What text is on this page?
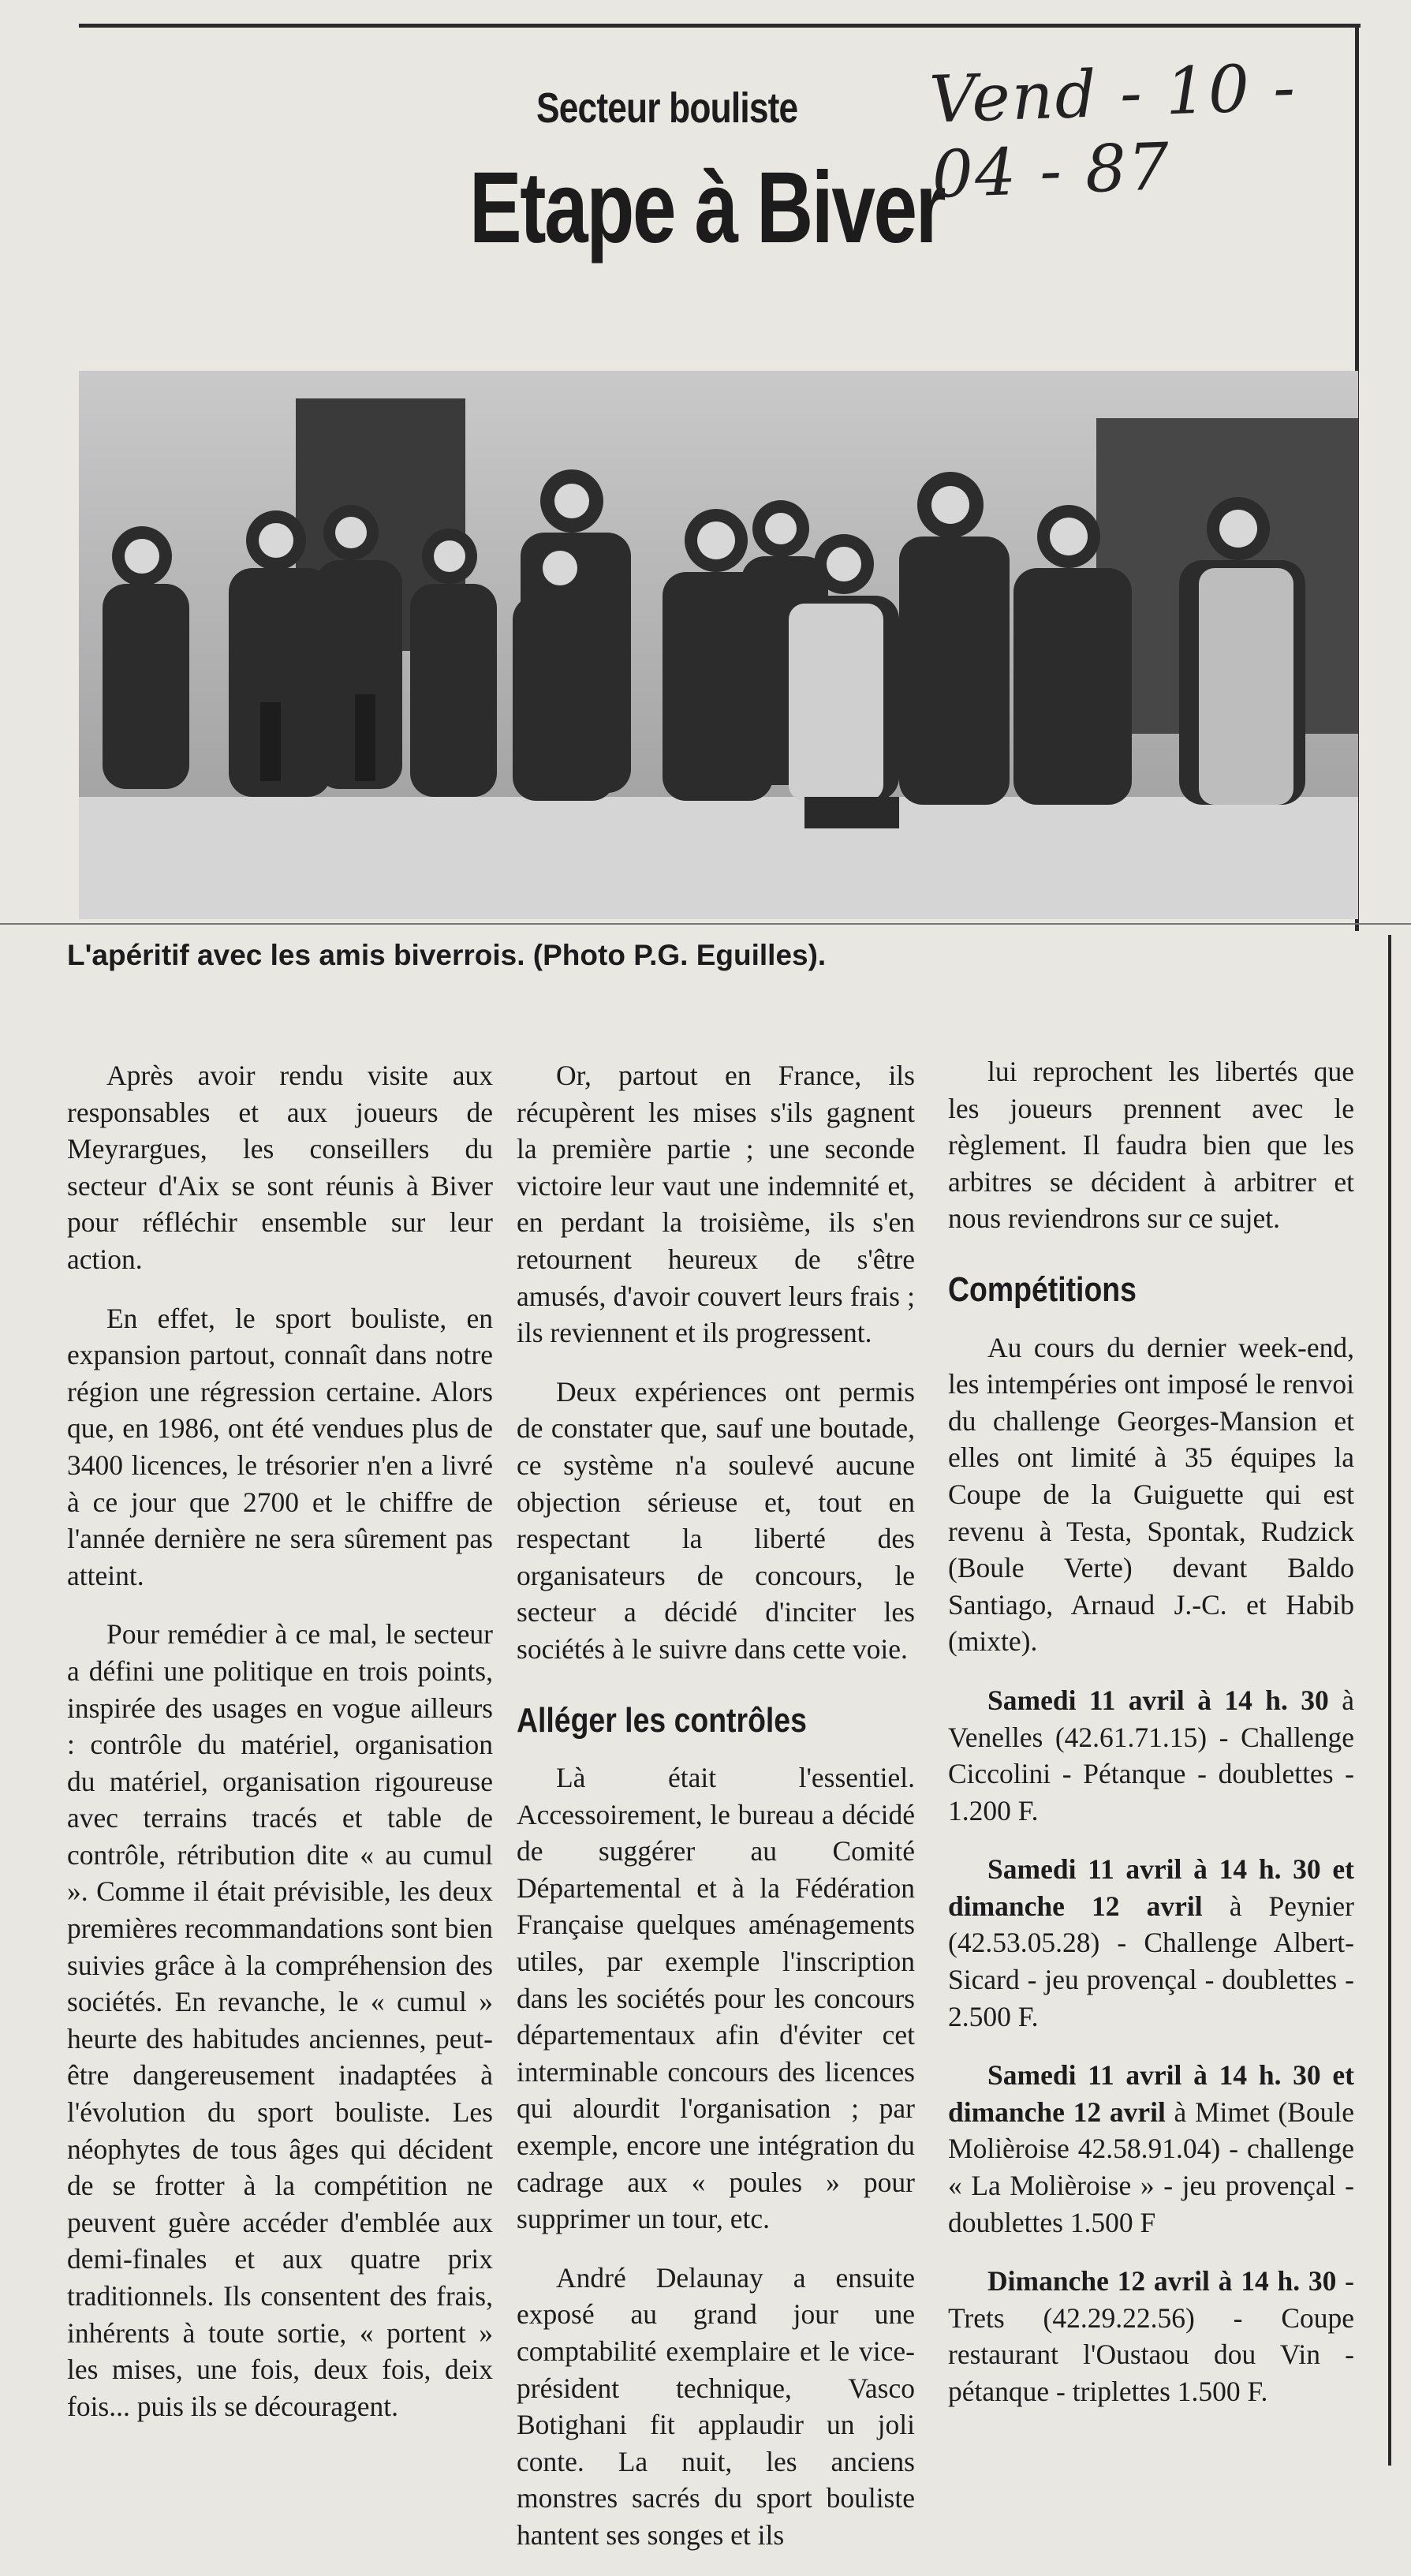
Secteur bouliste
Etape à Biver
Vend - 10 - 04 - 87
L'apéritif avec les amis biverrois. (Photo P.G. Eguilles).

Après avoir rendu visite aux responsables et aux joueurs de Meyrargues, les conseillers du secteur d'Aix se sont réunis à Biver pour réfléchir ensemble sur leur action.

En effet, le sport bouliste, en expansion partout, connaît dans notre région une régression certaine. Alors que, en 1986, ont été vendues plus de 3400 licences, le trésorier n'en a livré à ce jour que 2700 et le chiffre de l'année dernière ne sera sûrement pas atteint.

Pour remédier à ce mal, le secteur a défini une politique en trois points, inspirée des usages en vogue ailleurs : contrôle du matériel, organisation du matériel, organisation rigoureuse avec terrains tracés et table de contrôle, rétribution dite « au cumul ». Comme il était prévisible, les deux premières recommandations sont bien suivies grâce à la compréhension des sociétés. En revanche, le « cumul » heurte des habitudes anciennes, peut-être dangereusement inadaptées à l'évolution du sport bouliste. Les néophytes de tous âges qui décident de se frotter à la compétition ne peuvent guère accéder d'emblée aux demi-finales et aux quatre prix traditionnels. Ils consentent des frais, inhérents à toute sortie, « portent » les mises, une fois, deux fois, deix fois... puis ils se découragent.

Or, partout en France, ils récupèrent les mises s'ils gagnent la première partie ; une seconde victoire leur vaut une indemnité et, en perdant la troisième, ils s'en retournent heureux de s'être amusés, d'avoir couvert leurs frais ; ils reviennent et ils progressent.

Deux expériences ont permis de constater que, sauf une boutade, ce système n'a soulevé aucune objection sérieuse et, tout en respectant la liberté des organisateurs de concours, le secteur a décidé d'inciter les sociétés à le suivre dans cette voie.

Alléger les contrôles

Là était l'essentiel. Accessoirement, le bureau a décidé de suggérer au Comité Départemental et à la Fédération Française quelques aménagements utiles, par exemple l'inscription dans les sociétés pour les concours départementaux afin d'éviter cet interminable concours des licences qui alourdit l'organisation ; par exemple, encore une intégration du cadrage aux « poules » pour supprimer un tour, etc.

André Delaunay a ensuite exposé au grand jour une comptabilité exemplaire et le vice-président technique, Vasco Botighani fit applaudir un joli conte. La nuit, les anciens monstres sacrés du sport bouliste hantent ses songes et ils

lui reprochent les libertés que les joueurs prennent avec le règlement. Il faudra bien que les arbitres se décident à arbitrer et nous reviendrons sur ce sujet.

Compétitions

Au cours du dernier week-end, les intempéries ont imposé le renvoi du challenge Georges-Mansion et elles ont limité à 35 équipes la Coupe de la Guiguette qui est revenu à Testa, Spontak, Rudzick (Boule Verte) devant Baldo Santiago, Arnaud J.-C. et Habib (mixte).

Samedi 11 avril à 14 h. 30 à Venelles (42.61.71.15) - Challenge Ciccolini - Pétanque - doublettes - 1.200 F.

Samedi 11 avril à 14 h. 30 et dimanche 12 avril à Peynier (42.53.05.28) - Challenge Albert-Sicard - jeu provençal - doublettes - 2.500 F.

Samedi 11 avril à 14 h. 30 et dimanche 12 avril à Mimet (Boule Molièroise 42.58.91.04) - challenge « La Molièroise » - jeu provençal - doublettes 1.500 F

Dimanche 12 avril à 14 h. 30 - Trets (42.29.22.56) - Coupe restaurant l'Oustaou dou Vin - pétanque - triplettes 1.500 F.
